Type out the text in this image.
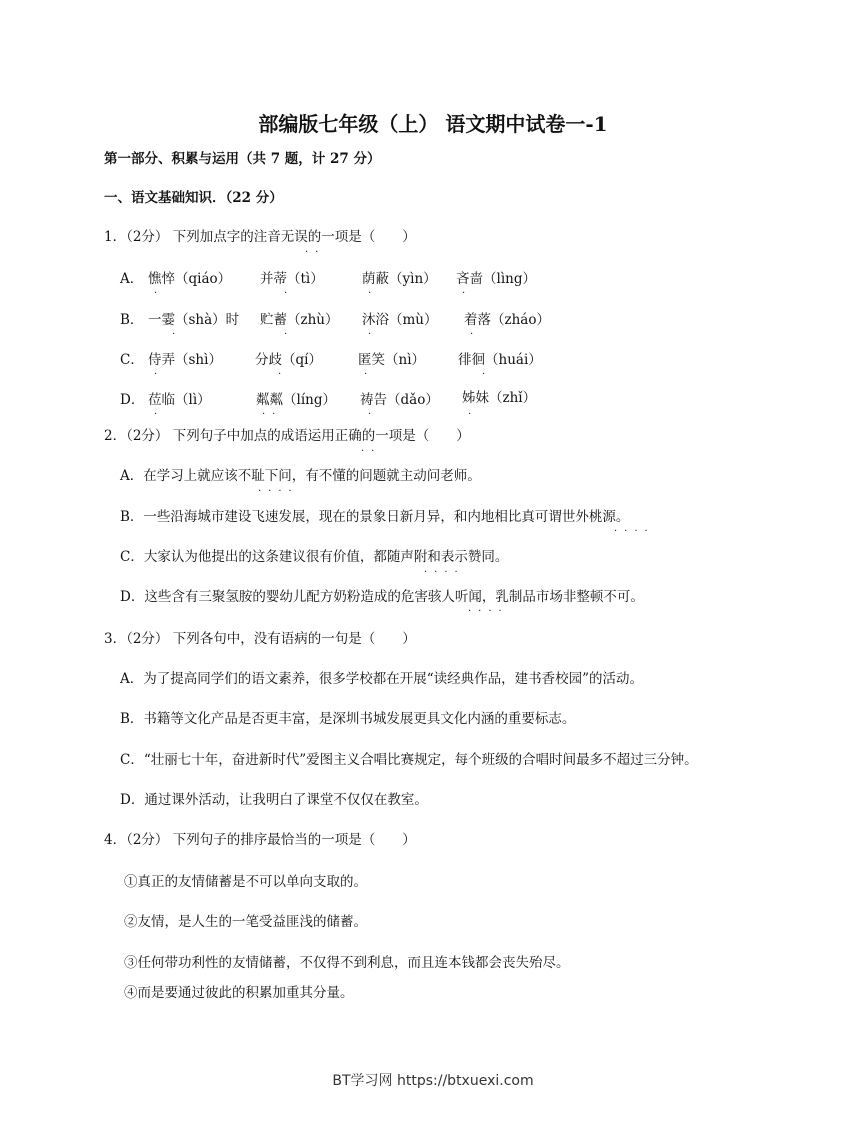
部编版七年级（上） 语文期中试卷一-1
第一部分、积累与运用（共 7 题，计 27 分）
一、语文基础知识．（22 分）
1．（2分） 下列加点字的注音无误的一项是（　　）
··
A． 憔悴（qiáo） 并蒂（tì）	荫蔽（yìn） 吝啬（lìng）
B． 一霎（shà）时 贮蓄（zhù） 沐浴（mù） 着落（zháo）
C． 侍弄（shì） 分歧（qí）	匿笑（nì） 徘徊（huái）
D． 莅临（lì）	粼粼（líng） 祷告（dǎo） 姊妹（zhǐ）
·	·	·	·
·	·	·	·
·	·	·	·
·	··	·	·
2．（2分） 下列句子中加点的成语运用正确的一项是（　　）
··
A．在学习上就应该不耻下问，有不懂的问题就主动问老师。
····
B．一些沿海城市建设飞速发展，现在的景象日新月异，和内地相比真可谓世外桃源。
····
C．大家认为他提出的这条建议很有价值，都随声附和表示赞同。
····
D．这些含有三聚氢胺的婴幼儿配方奶粉造成的危害骇人听闻，乳制品市场非整顿不可。
····
3．（2分） 下列各句中，没有语病的一句是（　　）
A．为了提高同学们的语文素养，很多学校都在开展“读经典作品，建书香校园”的活动。
B．书籍等文化产品是否更丰富，是深圳书城发展更具文化内涵的重要标志。
C．“壮丽七十年，奋进新时代”爱图主义合唱比赛规定，每个班级的合唱时间最多不超过三分钟。
D．通过课外活动，让我明白了课堂不仅仅在教室。
4．（2分） 下列句子的排序最恰当的一项是（　　）
①真正的友情储蓄是不可以单向支取的。
②友情，是人生的一笔受益匪浅的储蓄。
③任何带功利性的友情储蓄，不仅得不到利息，而且连本钱都会丧失殆尽。
④而是要通过彼此的积累加重其分量。
BT学习网 https://btxuexi.com
